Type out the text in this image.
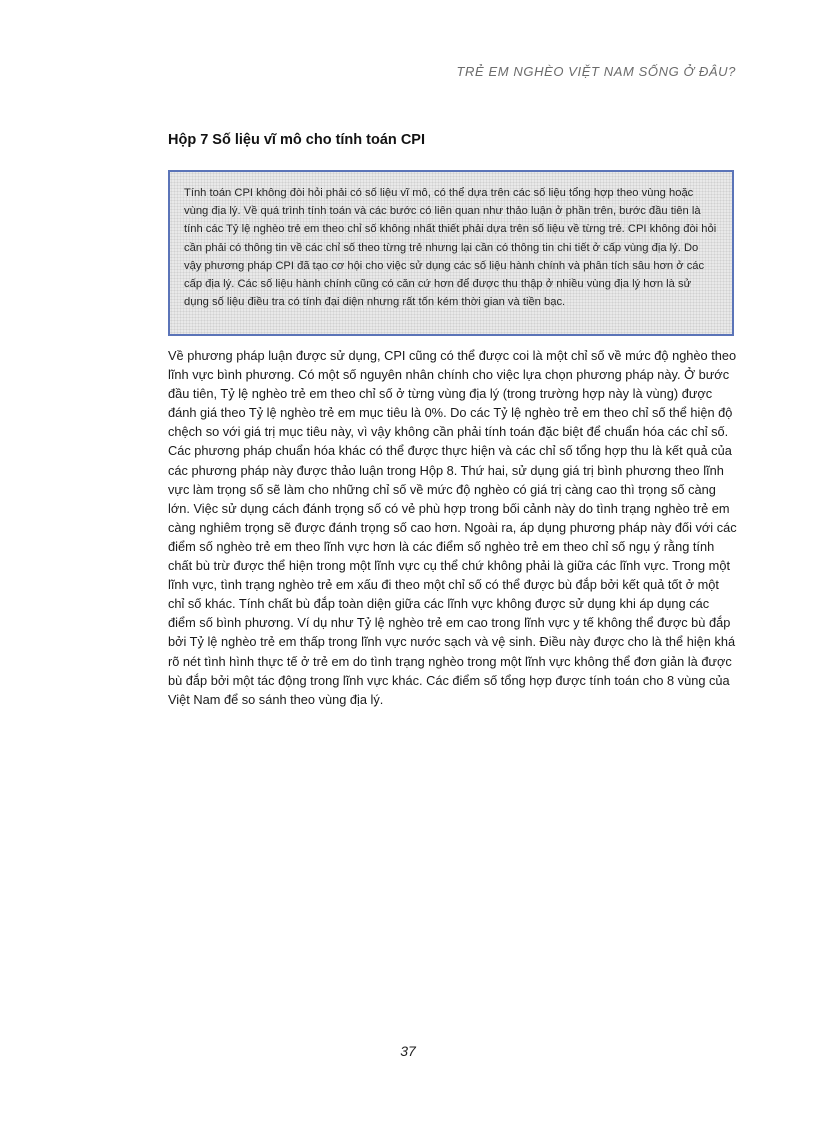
TRẺ EM NGHÈO VIỆT NAM SỐNG Ở ĐÂU?
Hộp 7 Số liệu vĩ mô cho tính toán CPI

Tính toán CPI không đòi hỏi phải có số liệu vĩ mô, có thể dựa trên các số liệu tổng hợp theo vùng hoặc vùng địa lý. Về quá trình tính toán và các bước có liên quan như thảo luận ở phần trên, bước đầu tiên là tính các Tỷ lệ nghèo trẻ em theo chỉ số không nhất thiết phải dựa trên số liệu về từng trẻ. CPI không đòi hỏi cần phải có thông tin về các chỉ số theo từng trẻ nhưng lại cần có thông tin chi tiết ở cấp vùng địa lý. Do vậy phương pháp CPI đã tạo cơ hội cho việc sử dụng các số liệu hành chính và phân tích sâu hơn ở các cấp địa lý. Các số liệu hành chính cũng có căn cứ hơn để được thu thập ở nhiều vùng địa lý hơn là sử dụng số liệu điều tra có tính đại diện nhưng rất tốn kém thời gian và tiền bạc.

Về phương pháp luận được sử dụng, CPI cũng có thể được coi là một chỉ số về mức độ nghèo theo lĩnh vực bình phương. Có một số nguyên nhân chính cho việc lựa chọn phương pháp này. Ở bước đầu tiên, Tỷ lệ nghèo trẻ em theo chỉ số ở từng vùng địa lý (trong trường hợp này là vùng) được đánh giá theo Tỷ lệ nghèo trẻ em mục tiêu là 0%. Do các Tỷ lệ nghèo trẻ em theo chỉ số thể hiện độ chệch so với giá trị mục tiêu này, vì vậy không cần phải tính toán đặc biệt để chuẩn hóa các chỉ số. Các phương pháp chuẩn hóa khác có thể được thực hiện và các chỉ số tổng hợp thu là kết quả của các phương pháp này được thảo luận trong Hộp 8. Thứ hai, sử dụng giá trị bình phương theo lĩnh vực làm trọng số sẽ làm cho những chỉ số về mức độ nghèo có giá trị càng cao thì trọng số càng lớn. Việc sử dụng cách đánh trọng số có vẻ phù hợp trong bối cảnh này do tình trạng nghèo trẻ em càng nghiêm trọng sẽ được đánh trọng số cao hơn. Ngoài ra, áp dụng phương pháp này đối với các điểm số nghèo trẻ em theo lĩnh vực hơn là các điểm số nghèo trẻ em theo chỉ số ngụ ý rằng tính chất bù trừ được thể hiện trong một lĩnh vực cụ thể chứ không phải là giữa các lĩnh vực. Trong một lĩnh vực, tình trạng nghèo trẻ em xấu đi theo một chỉ số có thể được bù đắp bởi kết quả tốt ở một chỉ số khác. Tính chất bù đắp toàn diện giữa các lĩnh vực không được sử dụng khi áp dụng các điểm số bình phương. Ví dụ như Tỷ lệ nghèo trẻ em cao trong lĩnh vực y tế không thể được bù đắp bởi Tỷ lệ nghèo trẻ em thấp trong lĩnh vực nước sạch và vệ sinh. Điều này được cho là thể hiện khá rõ nét tình hình thực tế ở trẻ em do tình trạng nghèo trong một lĩnh vực không thể đơn giản là được bù đắp bởi một tác động trong lĩnh vực khác. Các điểm số tổng hợp được tính toán cho 8 vùng của Việt Nam để so sánh theo vùng địa lý.

37
